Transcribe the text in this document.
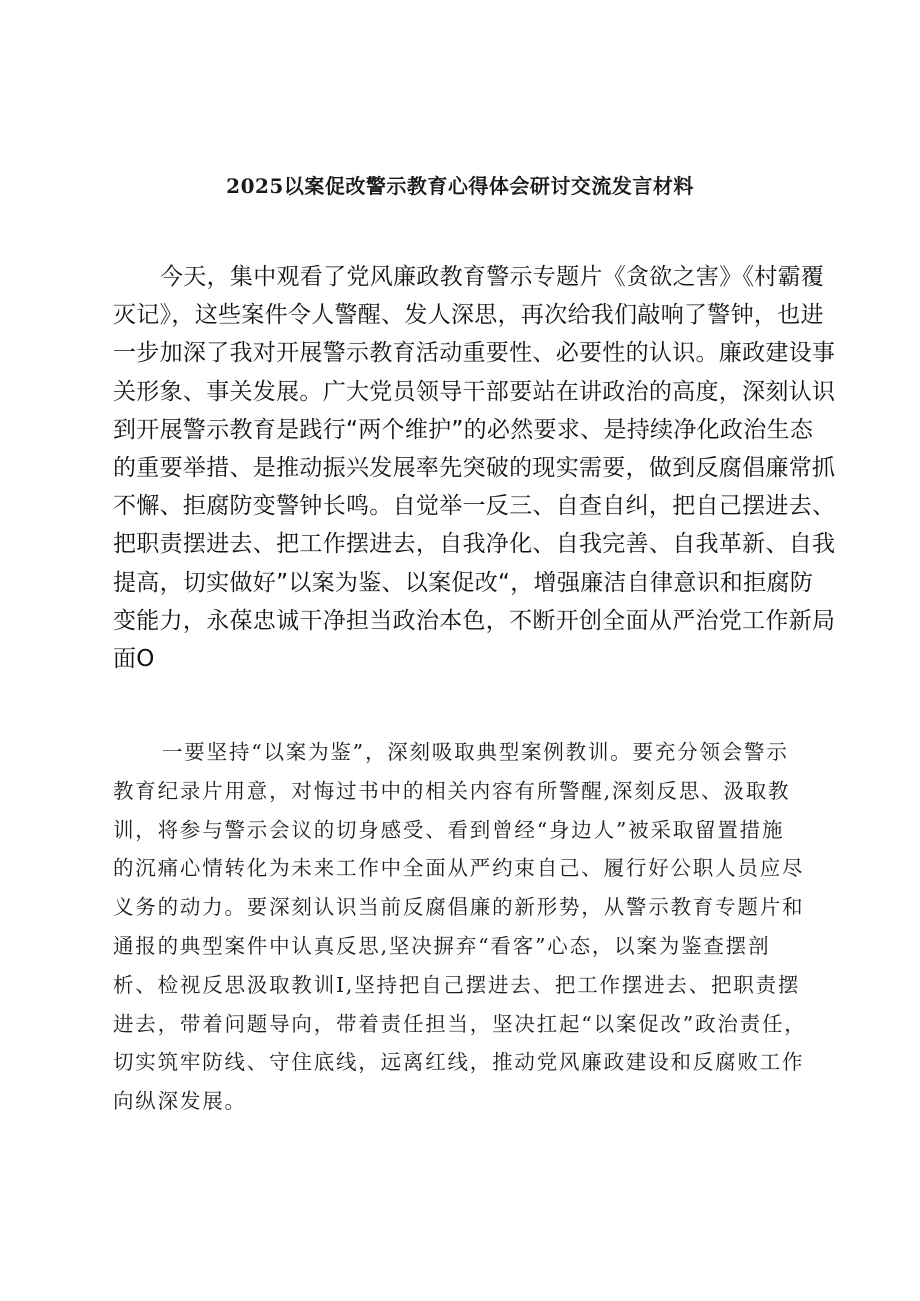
2025以案促改警示教育心得体会研讨交流发言材料
今天，集中观看了党风廉政教育警示专题片《贪欲之害》《村霸覆
灭记》，这些案件令人警醒、发人深思，再次给我们敲响了警钟，也进
一步加深了我对开展警示教育活动重要性、必要性的认识。廉政建设事
关形象、事关发展。广大党员领导干部要站在讲政治的高度，深刻认识
到开展警示教育是践行“两个维护”的必然要求、是持续净化政治生态
的重要举措、是推动振兴发展率先突破的现实需要，做到反腐倡廉常抓
不懈、拒腐防变警钟长鸣。自觉举一反三、自查自纠，把自己摆进去、
把职责摆进去、把工作摆进去，自我净化、自我完善、自我革新、自我
提高，切实做好”以案为鉴、以案促改“，增强廉洁自律意识和拒腐防
变能力，永葆忠诚干净担当政治本色，不断开创全面从严治党工作新局
面O
一要坚持“以案为鉴”，深刻吸取典型案例教训。要充分领会警示
教育纪录片用意，对悔过书中的相关内容有所警醒,深刻反思、汲取教
训，将参与警示会议的切身感受、看到曾经“身边人”被采取留置措施
的沉痛心情转化为未来工作中全面从严约束自己、履行好公职人员应尽
义务的动力。要深刻认识当前反腐倡廉的新形势，从警示教育专题片和
通报的典型案件中认真反思,坚决摒弃“看客”心态，以案为鉴查摆剖
析、检视反思汲取教训I,坚持把自己摆进去、把工作摆进去、把职责摆
进去，带着问题导向，带着责任担当，坚决扛起“以案促改”政治责任，
切实筑牢防线、守住底线，远离红线，推动党风廉政建设和反腐败工作
向纵深发展。
